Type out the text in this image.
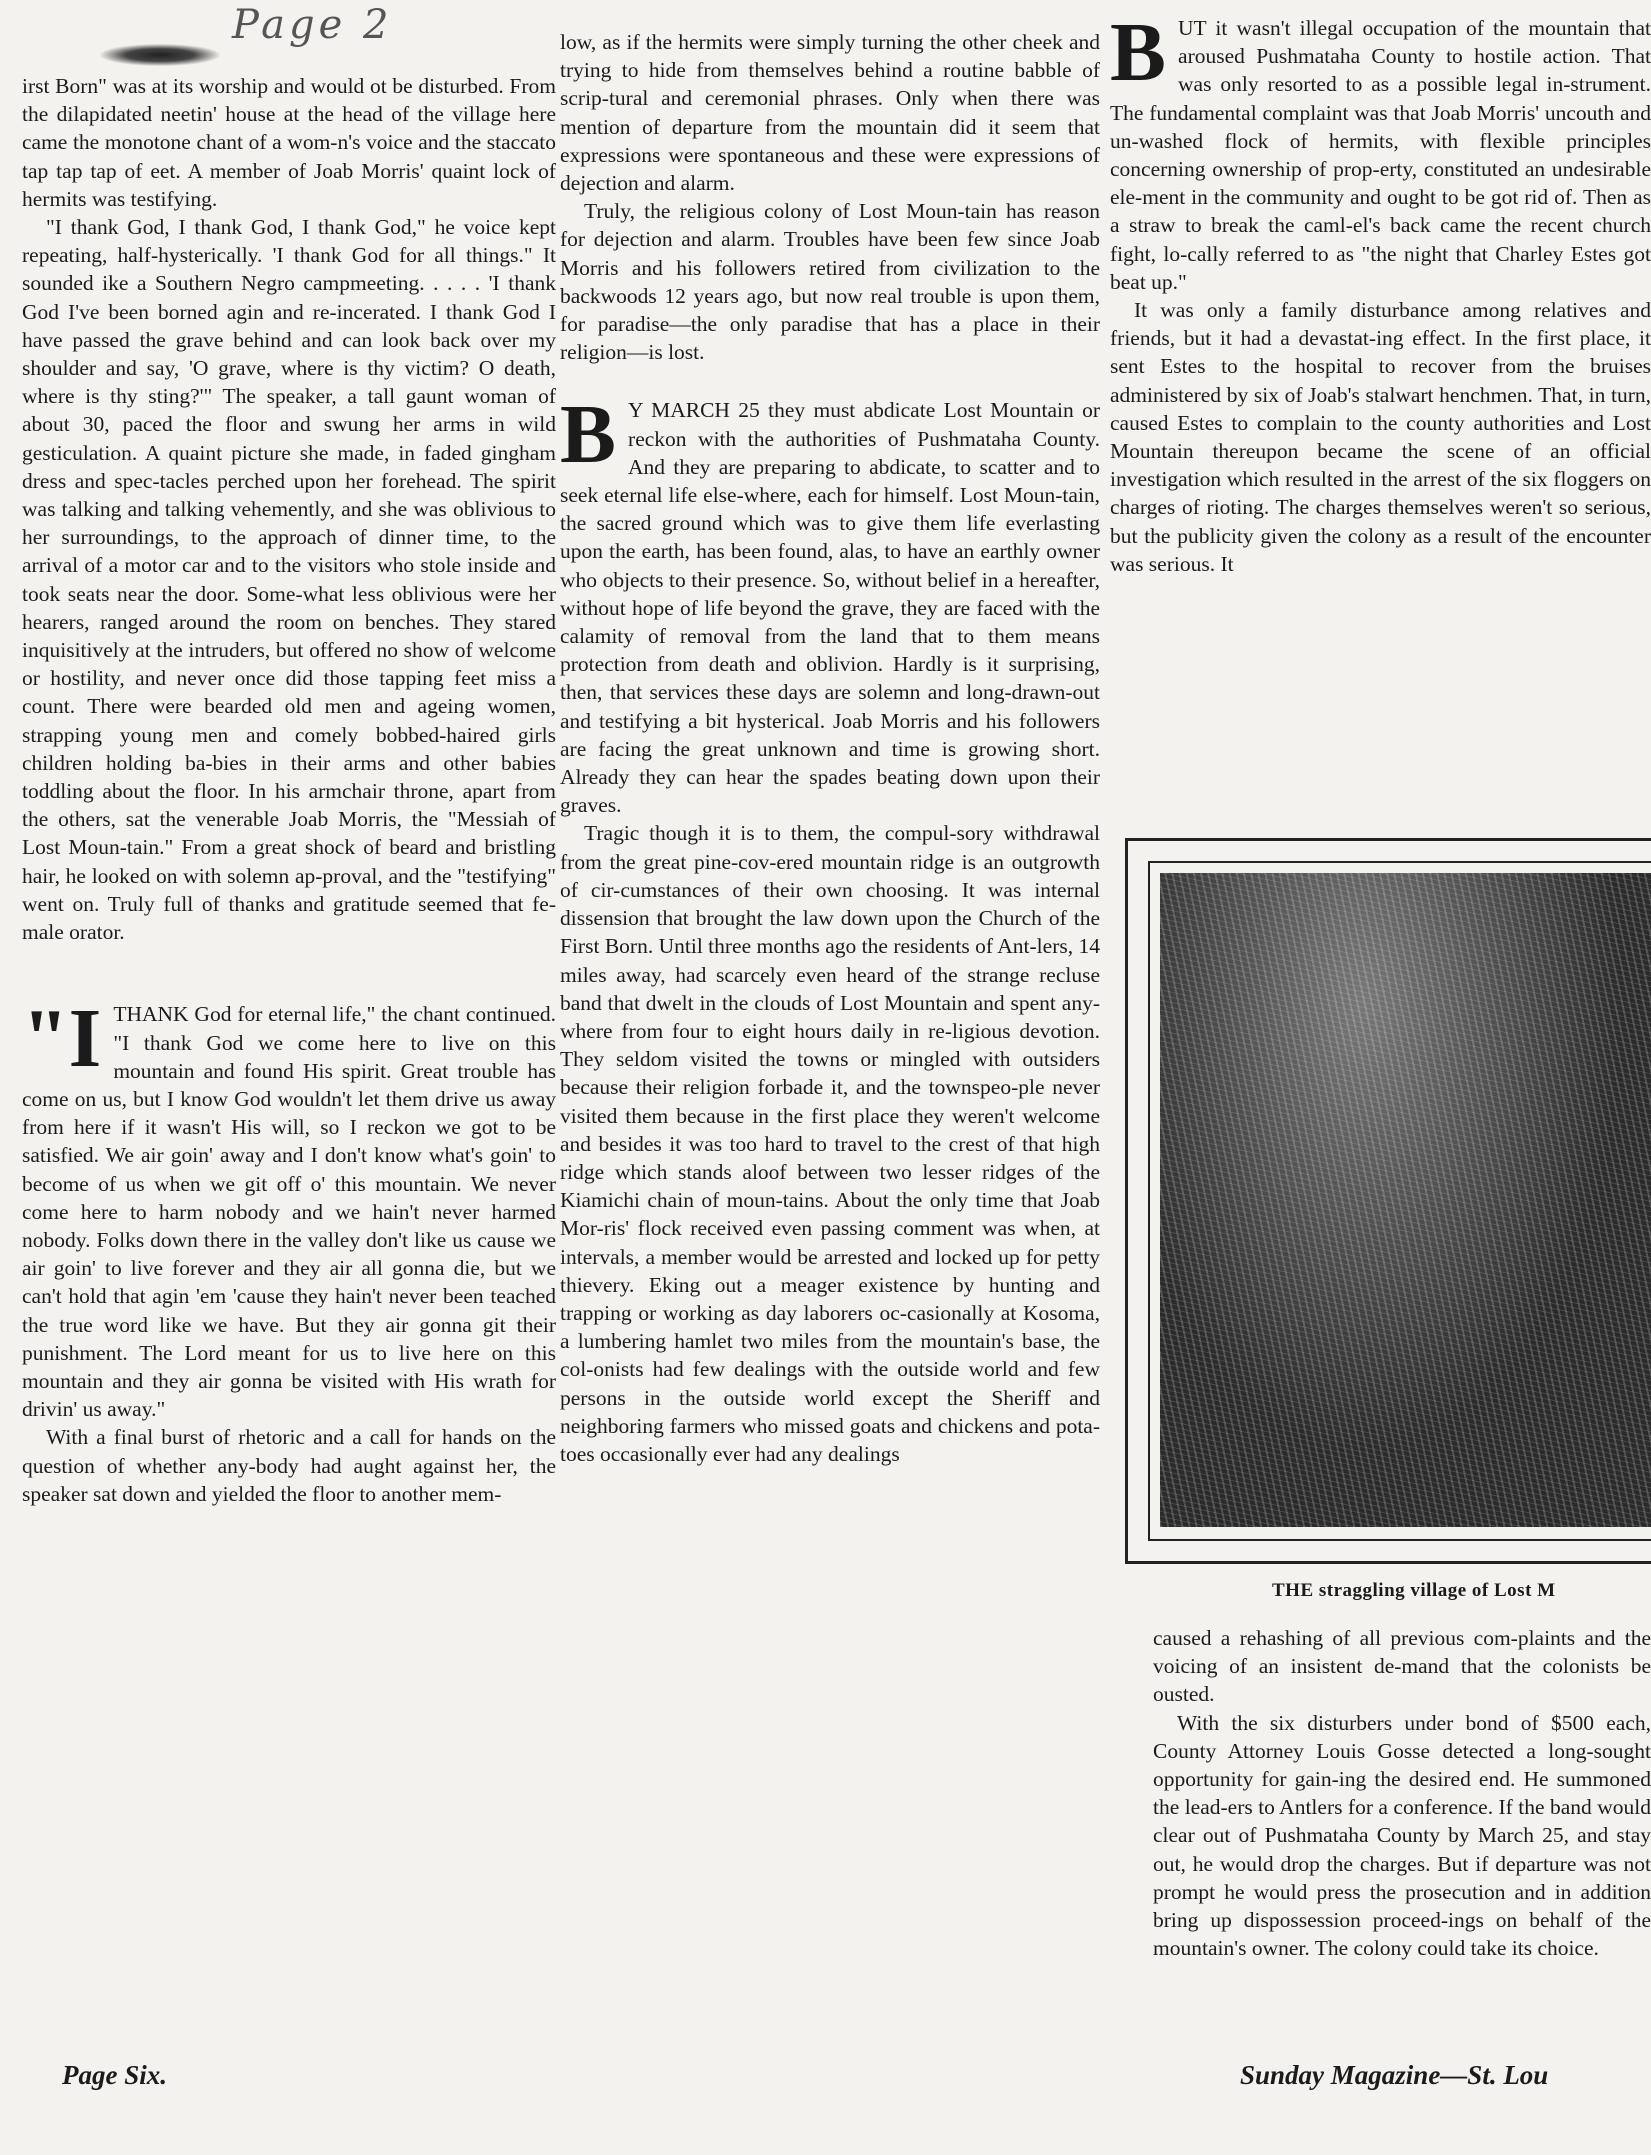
Page 2

irst Born" was at its worship and would ot be disturbed. From the dilapidated neetin' house at the head of the village here came the monotone chant of a wom-n's voice and the staccato tap tap tap of eet. A member of Joab Morris' quaint lock of hermits was testifying.

"I thank God, I thank God, I thank God," he voice kept repeating, half-hysterically. 'I thank God for all things." It sounded ike a Southern Negro campmeeting. . . . . 'I thank God I've been borned agin and re-incerated. I thank God I have passed the grave behind and can look back over my shoulder and say, 'O grave, where is thy victim? O death, where is thy sting?'" The speaker, a tall gaunt woman of about 30, paced the floor and swung her arms in wild gesticulation. A quaint picture she made, in faded gingham dress and spec-tacles perched upon her forehead. The spirit was talking and talking vehemently, and she was oblivious to her surroundings, to the approach of dinner time, to the arrival of a motor car and to the visitors who stole inside and took seats near the door. Some-what less oblivious were her hearers, ranged around the room on benches. They stared inquisitively at the intruders, but offered no show of welcome or hostility, and never once did those tapping feet miss a count. There were bearded old men and ageing women, strapping young men and comely bobbed-haired girls children holding ba-bies in their arms and other babies toddling about the floor. In his armchair throne, apart from the others, sat the venerable Joab Morris, the "Messiah of Lost Moun-tain." From a great shock of beard and bristling hair, he looked on with solemn ap-proval, and the "testifying" went on. Truly full of thanks and gratitude seemed that fe-male orator.

"ITHANK God for eternal life," the chant continued. "I thank God we come here to live on this mountain and found His spirit. Great trouble has come on us, but I know God wouldn't let them drive us away from here if it wasn't His will, so I reckon we got to be satisfied. We air goin' away and I don't know what's goin' to become of us when we git off o' this mountain. We never come here to harm nobody and we hain't never harmed nobody. Folks down there in the valley don't like us cause we air goin' to live forever and they air all gonna die, but we can't hold that agin 'em 'cause they hain't never been teached the true word like we have. But they air gonna git their punishment. The Lord meant for us to live here on this mountain and they air gonna be visited with His wrath for drivin' us away."

With a final burst of rhetoric and a call for hands on the question of whether any-body had aught against her, the speaker sat down and yielded the floor to another mem-

low, as if the hermits were simply turning the other cheek and trying to hide from themselves behind a routine babble of scrip-tural and ceremonial phrases. Only when there was mention of departure from the mountain did it seem that expressions were spontaneous and these were expressions of dejection and alarm.

Truly, the religious colony of Lost Moun-tain has reason for dejection and alarm. Troubles have been few since Joab Morris and his followers retired from civilization to the backwoods 12 years ago, but now real trouble is upon them, for paradise—the only paradise that has a place in their religion—is lost.

B Y MARCH 25 they must abdicate Lost Mountain or reckon with the authorities of Pushmataha County. And they are preparing to abdicate, to scatter and to seek eternal life else-where, each for himself. Lost Moun-tain, the sacred ground which was to give them life everlasting upon the earth, has been found, alas, to have an earthly owner who objects to their presence. So, without belief in a hereafter, without hope of life beyond the grave, they are faced with the calamity of removal from the land that to them means protection from death and oblivion. Hardly is it surprising, then, that services these days are solemn and long-drawn-out and testifying a bit hysterical. Joab Morris and his followers are facing the great unknown and time is growing short. Already they can hear the spades beating down upon their graves.

Tragic though it is to them, the compul-sory withdrawal from the great pine-cov-ered mountain ridge is an outgrowth of cir-cumstances of their own choosing. It was internal dissension that brought the law down upon the Church of the First Born. Until three months ago the residents of Ant-lers, 14 miles away, had scarcely even heard of the strange recluse band that dwelt in the clouds of Lost Mountain and spent any-where from four to eight hours daily in re-ligious devotion. They seldom visited the towns or mingled with outsiders because their religion forbade it, and the townspeo-ple never visited them because in the first place they weren't welcome and besides it was too hard to travel to the crest of that high ridge which stands aloof between two lesser ridges of the Kiamichi chain of moun-tains. About the only time that Joab Mor-ris' flock received even passing comment was when, at intervals, a member would be arrested and locked up for petty thievery. Eking out a meager existence by hunting and trapping or working as day laborers oc-casionally at Kosoma, a lumbering hamlet two miles from the mountain's base, the col-onists had few dealings with the outside world and few persons in the outside world except the Sheriff and neighboring farmers who missed goats and chickens and pota-toes occasionally ever had any dealings

BUT it wasn't illegal occupation of the mountain that aroused Pushmataha County to hostile action. That was only resorted to as a possible legal in-strument. The fundamental complaint was that Joab Morris' uncouth and un-washed flock of hermits, with flexible principles concerning ownership of prop-erty, constituted an undesirable ele-ment in the community and ought to be got rid of. Then as a straw to break the caml-el's back came the recent church fight, lo-cally referred to as "the night that Charley Estes got beat up."

It was only a family disturbance among relatives and friends, but it had a devastat-ing effect. In the first place, it sent Estes to the hospital to recover from the bruises administered by six of Joab's stalwart henchmen. That, in turn, caused Estes to complain to the county authorities and Lost Mountain thereupon became the scene of an official investigation which resulted in the arrest of the six floggers on charges of rioting. The charges themselves weren't so serious, but the publicity given the colony as a result of the encounter was serious. It

THE straggling village of Lost M

caused a rehashing of all previous com-plaints and the voicing of an insistent de-mand that the colonists be ousted.

With the six disturbers under bond of $500 each, County Attorney Louis Gosse detected a long-sought opportunity for gain-ing the desired end. He summoned the lead-ers to Antlers for a conference. If the band would clear out of Pushmataha County by March 25, and stay out, he would drop the charges. But if departure was not prompt he would press the prosecution and in addition bring up dispossession proceed-ings on behalf of the mountain's owner. The colony could take its choice.

Page Six.	Sunday Magazine—St. Lou
